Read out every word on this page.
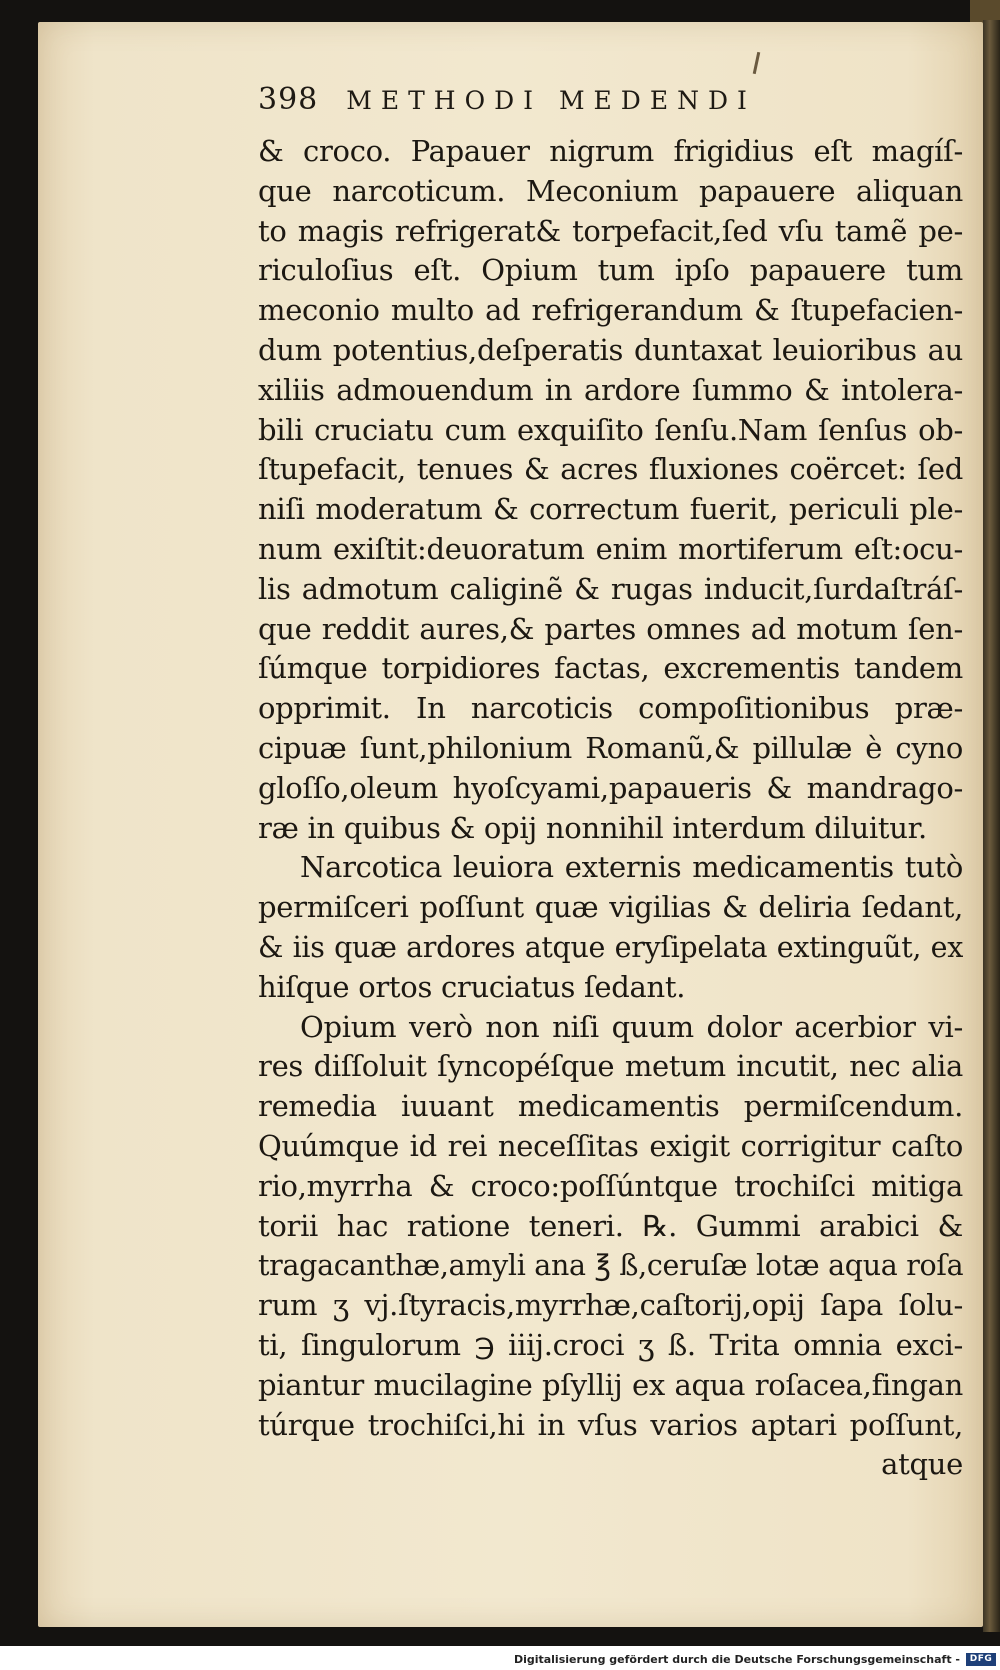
398 METHODI MEDENDI
& croco. Papauer nigrum frigidius eſt magíſ-
que narcoticum. Meconium papauere aliquan
to magis refrigerat& torpefacit,ſed vſu tamẽ pe-
riculoſius eſt. Opium tum ipſo papauere tum
meconio multo ad refrigerandum & ſtupefacien-
dum potentius,deſperatis duntaxat leuioribus au
xiliis admouendum in ardore ſummo & intolera-
bili cruciatu cum exquiſito ſenſu.Nam ſenſus ob-
ſtupefacit, tenues & acres fluxiones coërcet: ſed
niſi moderatum & correctum fuerit, periculi ple-
num exiſtit:deuoratum enim mortiferum eſt:ocu-
lis admotum caliginẽ & rugas inducit,ſurdaſtráſ-
que reddit aures,& partes omnes ad motum ſen-
ſúmque torpidiores factas, excrementis tandem
opprimit. In narcoticis compoſitionibus præ-
cipuæ ſunt,philonium Romanũ,& pillulæ è cyno
gloſſo,oleum hyoſcyami,papaueris & mandrago-
ræ in quibus & opij nonnihil interdum diluitur.
Narcotica leuiora externis medicamentis tutò
permiſceri poſſunt quæ vigilias & deliria ſedant,
& iis quæ ardores atque eryſipelata extinguũt, ex
hiſque ortos cruciatus ſedant.
Opium verò non niſi quum dolor acerbior vi-
res diſſoluit ſyncopéſque metum incutit, nec alia
remedia iuuant medicamentis permiſcendum.
Quúmque id rei neceſſitas exigit corrigitur caſto
rio,myrrha & croco:poſſúntque trochiſci mitiga
torii hac ratione teneri. ℞. Gummi arabici &
tragacanthæ,amyli ana ℥ ß,ceruſæ lotæ aqua roſa
rum ʒ vj.ſtyracis,myrrhæ,caſtorij,opij ſapa ſolu-
ti, ſingulorum ℈ iiij.croci ʒ ß. Trita omnia exci-
piantur mucilagine pſyllij ex aqua roſacea,fingan
túrque trochiſci,hi in vſus varios aptari poſſunt,
atque
Digitalisierung gefördert durch die Deutsche Forschungsgemeinschaft -	DFG
